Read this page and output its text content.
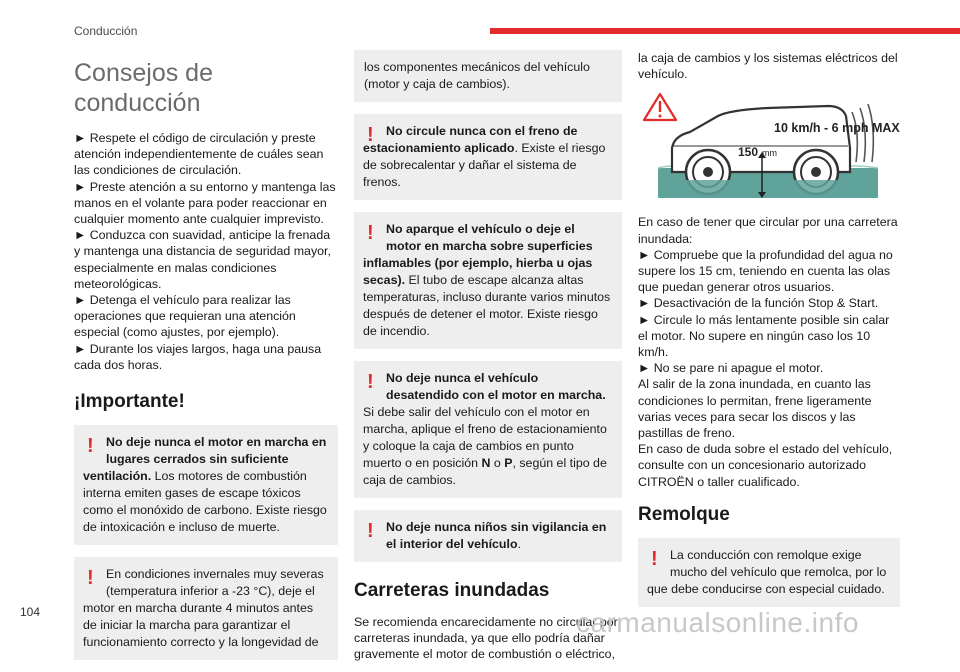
Conducción
Consejos de conducción

► Respete el código de circulación y preste atención independientemente de cuáles sean las condiciones de circulación.

► Preste atención a su entorno y mantenga las manos en el volante para poder reaccionar en cualquier momento ante cualquier imprevisto.

► Conduzca con suavidad, anticipe la frenada y mantenga una distancia de seguridad mayor, especialmente en malas condiciones meteorológicas.

► Detenga el vehículo para realizar las operaciones que requieran una atención especial (como ajustes, por ejemplo).

► Durante los viajes largos, haga una pausa cada dos horas.

¡Importante!
! No deje nunca el motor en marcha en lugares cerrados sin suficiente
ventilación. Los motores de combustión interna emiten gases de escape tóxicos como el monóxido de carbono. Existe riesgo de intoxicación e incluso de muerte.
! En condiciones invernales muy severas (temperatura inferior a -23 °C), deje el
motor en marcha durante 4 minutos antes de iniciar la marcha para garantizar el funcionamiento correcto y la longevidad de
los componentes mecánicos del vehículo (motor y caja de cambios).
! No circule nunca con el freno de estacionamiento aplicado. Existe el riesgo de sobrecalentar y dañar el sistema de frenos.
! No aparque el vehículo o deje el motor en marcha sobre superficies
inflamables (por ejemplo, hierba u ojas secas). El tubo de escape alcanza altas temperaturas, incluso durante varios minutos después de detener el motor. Existe riesgo de incendio.
! No deje nunca el vehículo desatendido con el motor en marcha.
Si debe salir del vehículo con el motor en marcha, aplique el freno de estacionamiento y coloque la caja de cambios en punto muerto o en posición N o P, según el tipo de caja de cambios.
! No deje nunca niños sin vigilancia en el interior del vehículo.
Carreteras inundadas

Se recomienda encarecidamente no circular por carreteras inundada, ya que ello podría dañar gravemente el motor de combustión o eléctrico,

la caja de cambios y los sistemas eléctricos del vehículo.

10 km/h - 6 mph MAX
150 mm

En caso de tener que circular por una carretera inundada:

► Compruebe que la profundidad del agua no supere los 15 cm, teniendo en cuenta las olas que puedan generar otros usuarios.

► Desactivación de la función Stop & Start.

► Circule lo más lentamente posible sin calar el motor. No supere en ningún caso los 10 km/h.

► No se pare ni apague el motor.

Al salir de la zona inundada, en cuanto las condiciones lo permitan, frene ligeramente varias veces para secar los discos y las pastillas de freno.

En caso de duda sobre el estado del vehículo, consulte con un concesionario autorizado CITROËN o taller cualificado.

Remolque
! La conducción con remolque exige mucho del vehículo que remolca, por lo
que debe conducirse con especial cuidado.
104	carmanualsonline.info
